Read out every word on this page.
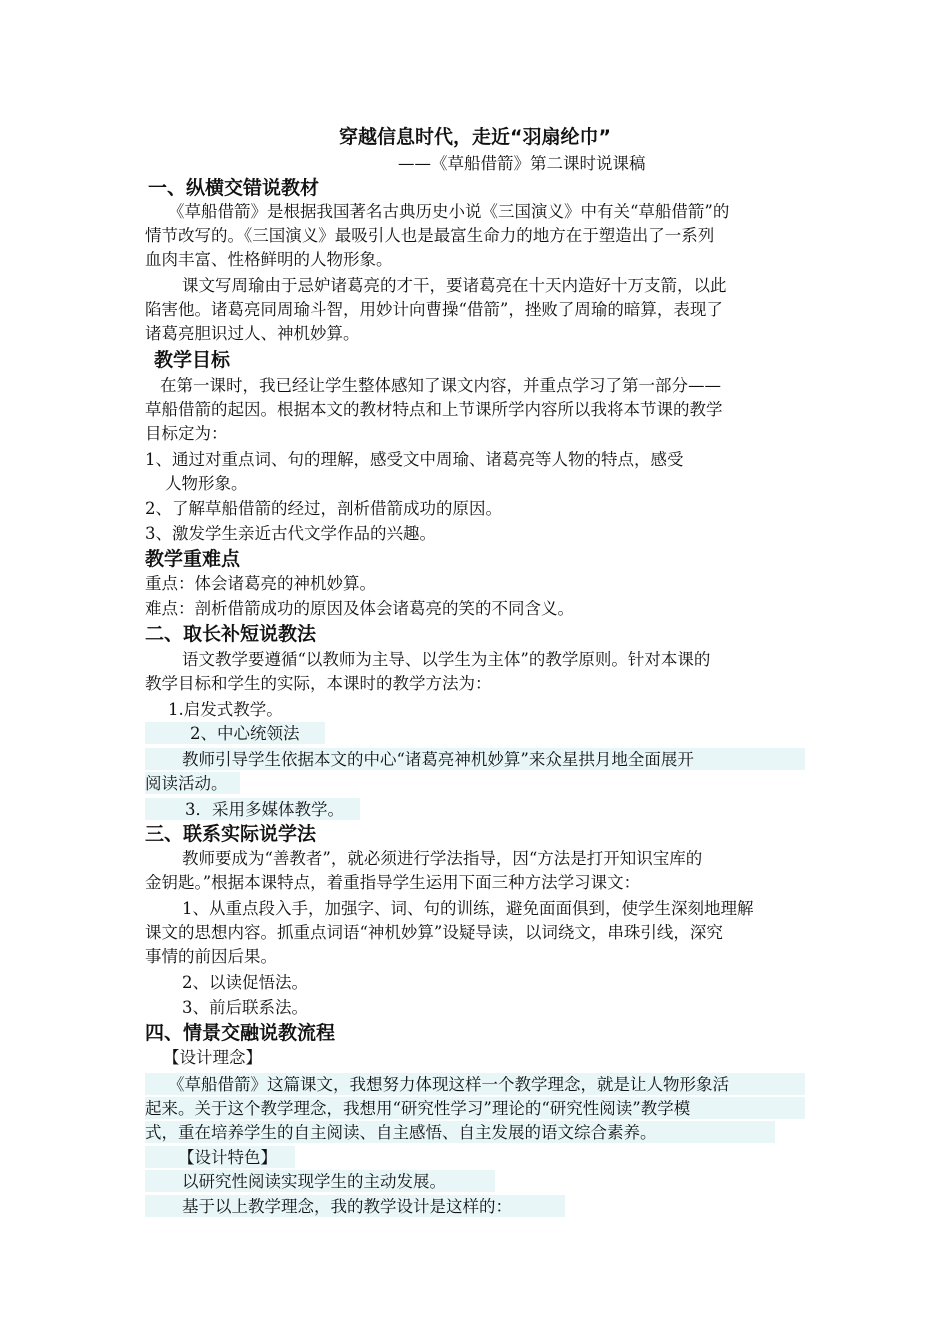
穿越信息时代，走近“羽扇纶巾”
——《草船借箭》第二课时说课稿
一、纵横交错说教材
《草船借箭》是根据我国著名古典历史小说《三国演义》中有关“草船借箭”的
情节改写的。《三国演义》最吸引人也是最富生命力的地方在于塑造出了一系列
血肉丰富、性格鲜明的人物形象。
课文写周瑜由于忌妒诸葛亮的才干，要诸葛亮在十天内造好十万支箭，以此
陷害他。诸葛亮同周瑜斗智，用妙计向曹操“借箭”，挫败了周瑜的暗算，表现了
诸葛亮胆识过人、神机妙算。
教学目标
在第一课时，我已经让学生整体感知了课文内容，并重点学习了第一部分——
草船借箭的起因。根据本文的教材特点和上节课所学内容所以我将本节课的教学
目标定为：
1、通过对重点词、句的理解，感受文中周瑜、诸葛亮等人物的特点，感受
人物形象。
2、了解草船借箭的经过，剖析借箭成功的原因。
3、激发学生亲近古代文学作品的兴趣。
教学重难点
重点：体会诸葛亮的神机妙算。
难点：剖析借箭成功的原因及体会诸葛亮的笑的不同含义。
二、取长补短说教法
语文教学要遵循“以教师为主导、以学生为主体”的教学原则。针对本课的
教学目标和学生的实际，本课时的教学方法为：
1.启发式教学。
2、中心统领法
教师引导学生依据本文的中心“诸葛亮神机妙算”来众星拱月地全面展开
阅读活动。
3．采用多媒体教学。
三、联系实际说学法
教师要成为“善教者”，就必须进行学法指导，因“方法是打开知识宝库的
金钥匙。”根据本课特点，着重指导学生运用下面三种方法学习课文：
1、从重点段入手，加强字、词、句的训练，避免面面俱到，使学生深刻地理解
课文的思想内容。抓重点词语“神机妙算”设疑导读，以词绕文，串珠引线，深究
事情的前因后果。
2、以读促悟法。
3、前后联系法。
四、情景交融说教流程
【设计理念】
《草船借箭》这篇课文，我想努力体现这样一个教学理念，就是让人物形象活
起来。关于这个教学理念，我想用“研究性学习”理论的“研究性阅读”教学模
式，重在培养学生的自主阅读、自主感悟、自主发展的语文综合素养。
【设计特色】
以研究性阅读实现学生的主动发展。
基于以上教学理念，我的教学设计是这样的：
